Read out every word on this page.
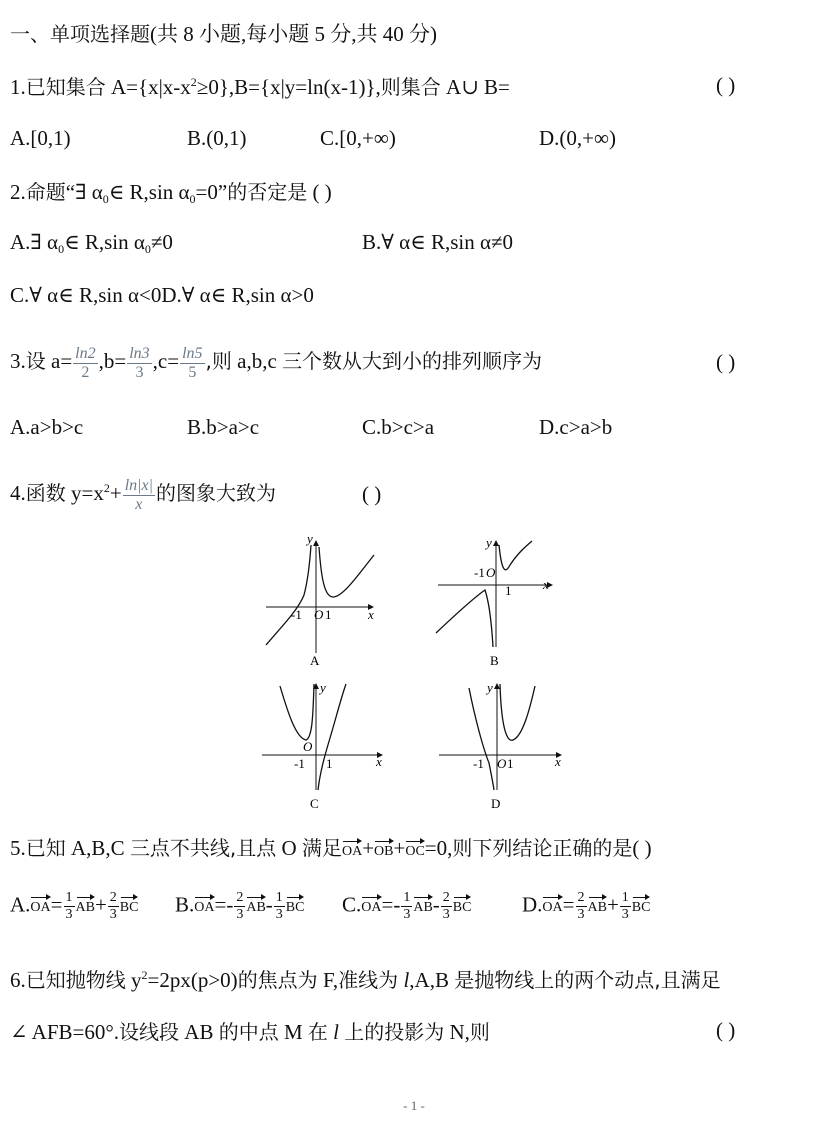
一、单项选择题(共 8 小题,每小题 5 分,共 40 分)
1.已知集合 $A=\{x|x-x^2\ge 0\},B=\{x|y=\ln(x-1)\}$,则集合 A∪ B=	( )
A.[0,1)	B.(0,1)	C.[0,+∞)	D.(0,+∞)
2.命题“∃ $\alpha_0\in$ R,sin $\alpha_0=0$”的否定是 ( )
A.∃ $\alpha_0\in$ R,sin $\alpha_0\ne 0$	B.∀ α∈ R,sin α≠0
C.∀ α∈ R,sin α<0D.∀ α∈ R,sin α>0
3.设 $a= \frac{\ln 2}{2} ,b= \frac{\ln 3}{3} ,c= \frac{\ln 5}{5}$ ,则 a,b,c 三个数从大到小的排列顺序为	( )
A.a>b>c	B.b>a>c	C.b>c>a	D.c>a>b
4.函数 $y=x^2+ \frac{\ln|x|}{x}$ 的图象大致为	( )
y
x
-1 O 1
A
y
x
-1 O
1
B
y
x
-1
O
1
C
y
x
-1 O 1
D
5.已知 A,B,C 三点不共线,且点 O 满足OA+OB+OC=0,则下列结论正确的是( )
$A.OA= \frac{1}{3} AB+ \frac{2}{3}$ BC $B.OA=- \frac{2}{3} AB- \frac{1}{3}$ BC $C.OA=- \frac{1}{3} AB- \frac{2}{3}$ BC $D.OA= \frac{2}{3} AB+ \frac{1}{3}$ BC
6.已知抛物线 $y^2=2px(p>0)$的焦点为 F,准线为 l,A,B 是抛物线上的两个动点,且满足
∠ AFB=60°.设线段 AB 的中点 M 在 l 上的投影为 N,则	( )
- 1 -
